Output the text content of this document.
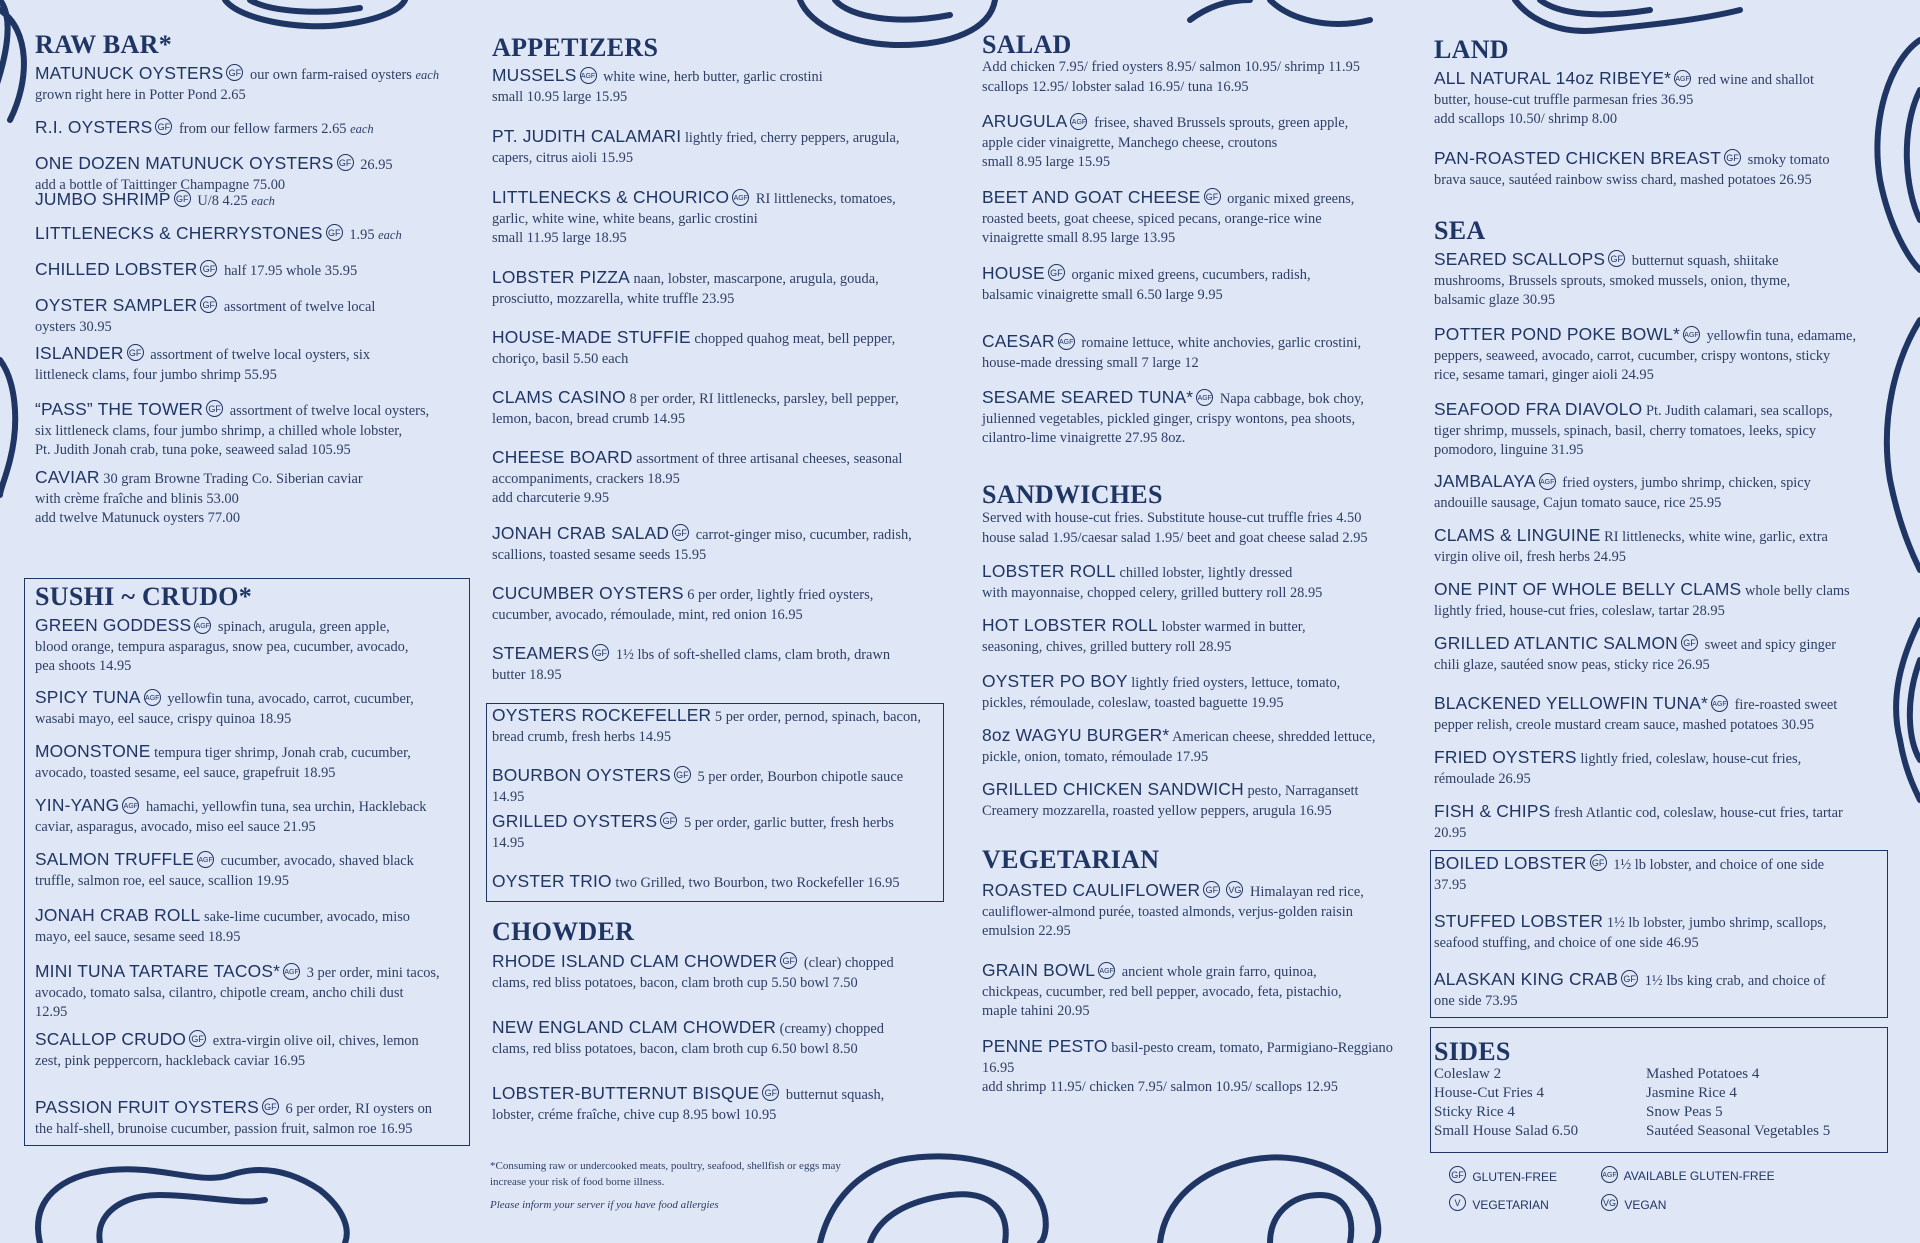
RAW BAR*
MATUNUCK OYSTERS GF our own farm-raised oysters each
grown right here in Potter Pond 2.65
R.I. OYSTERS GF from our fellow farmers 2.65 each
ONE DOZEN MATUNUCK OYSTERS GF 26.95
add a bottle of Taittinger Champagne 75.00
JUMBO SHRIMP GF U/8 4.25 each
LITTLENECKS & CHERRYSTONES GF 1.95 each
CHILLED LOBSTER GF half 17.95 whole 35.95
OYSTER SAMPLER GF assortment of twelve local
oysters 30.95
ISLANDER GF assortment of twelve local oysters, six
littleneck clams, four jumbo shrimp 55.95
“PASS” THE TOWER GF assortment of twelve local oysters,
six littleneck clams, four jumbo shrimp, a chilled whole lobster,
Pt. Judith Jonah crab, tuna poke, seaweed salad 105.95
CAVIAR 30 gram Browne Trading Co. Siberian caviar
with crème fraîche and blinis 53.00
add twelve Matunuck oysters 77.00
SUSHI ~ CRUDO*
GREEN GODDESS AGF spinach, arugula, green apple,
blood orange, tempura asparagus, snow pea, cucumber, avocado,
pea shoots 14.95
SPICY TUNA AGF yellowfin tuna, avocado, carrot, cucumber,
wasabi mayo, eel sauce, crispy quinoa 18.95
MOONSTONE tempura tiger shrimp, Jonah crab, cucumber,
avocado, toasted sesame, eel sauce, grapefruit 18.95
YIN-YANG AGF hamachi, yellowfin tuna, sea urchin, Hackleback
caviar, asparagus, avocado, miso eel sauce 21.95
SALMON TRUFFLE AGF cucumber, avocado, shaved black
truffle, salmon roe, eel sauce, scallion 19.95
JONAH CRAB ROLL sake-lime cucumber, avocado, miso
mayo, eel sauce, sesame seed 18.95
MINI TUNA TARTARE TACOS* AGF 3 per order, mini tacos,
avocado, tomato salsa, cilantro, chipotle cream, ancho chili dust
12.95
SCALLOP CRUDO GF extra-virgin olive oil, chives, lemon
zest, pink peppercorn, hackleback caviar 16.95
PASSION FRUIT OYSTERS GF 6 per order, RI oysters on
the half-shell, brunoise cucumber, passion fruit, salmon roe 16.95
APPETIZERS
MUSSELS AGF white wine, herb butter, garlic crostini
small 10.95 large 15.95
PT. JUDITH CALAMARI lightly fried, cherry peppers, arugula,
capers, citrus aioli 15.95
LITTLENECKS & CHOURICO AGF RI littlenecks, tomatoes,
garlic, white wine, white beans, garlic crostini
small 11.95 large 18.95
LOBSTER PIZZA naan, lobster, mascarpone, arugula, gouda,
prosciutto, mozzarella, white truffle 23.95
HOUSE-MADE STUFFIE chopped quahog meat, bell pepper,
choriço, basil 5.50 each
CLAMS CASINO 8 per order, RI littlenecks, parsley, bell pepper,
lemon, bacon, bread crumb 14.95
CHEESE BOARD assortment of three artisanal cheeses, seasonal
accompaniments, crackers 18.95
add charcuterie 9.95
JONAH CRAB SALAD GF carrot-ginger miso, cucumber, radish,
scallions, toasted sesame seeds 15.95
CUCUMBER OYSTERS 6 per order, lightly fried oysters,
cucumber, avocado, rémoulade, mint, red onion 16.95
STEAMERS GF 1½ lbs of soft-shelled clams, clam broth, drawn
butter 18.95
OYSTERS ROCKEFELLER 5 per order, pernod, spinach, bacon,
bread crumb, fresh herbs 14.95
BOURBON OYSTERS GF 5 per order, Bourbon chipotle sauce
14.95
GRILLED OYSTERS GF 5 per order, garlic butter, fresh herbs
14.95
OYSTER TRIO two Grilled, two Bourbon, two Rockefeller 16.95
CHOWDER
RHODE ISLAND CLAM CHOWDER GF (clear) chopped
clams, red bliss potatoes, bacon, clam broth cup 5.50 bowl 7.50
NEW ENGLAND CLAM CHOWDER (creamy) chopped
clams, red bliss potatoes, bacon, clam broth cup 6.50 bowl 8.50
LOBSTER-BUTTERNUT BISQUE GF butternut squash,
lobster, créme fraîche, chive cup 8.95 bowl 10.95
*Consuming raw or undercooked meats, poultry, seafood, shellfish or eggs may
increase your risk of food borne illness.
Please inform your server if you have food allergies
SALAD
Add chicken 7.95/ fried oysters 8.95/ salmon 10.95/ shrimp 11.95
scallops 12.95/ lobster salad 16.95/ tuna 16.95
ARUGULA AGF frisee, shaved Brussels sprouts, green apple,
apple cider vinaigrette, Manchego cheese, croutons
small 8.95 large 15.95
BEET AND GOAT CHEESE GF organic mixed greens,
roasted beets, goat cheese, spiced pecans, orange-rice wine
vinaigrette small 8.95 large 13.95
HOUSE GF organic mixed greens, cucumbers, radish,
balsamic vinaigrette small 6.50 large 9.95
CAESAR AGF romaine lettuce, white anchovies, garlic crostini,
house-made dressing small 7 large 12
SESAME SEARED TUNA* AGF Napa cabbage, bok choy,
julienned vegetables, pickled ginger, crispy wontons, pea shoots,
cilantro-lime vinaigrette 27.95 8oz.
SANDWICHES
Served with house-cut fries. Substitute house-cut truffle fries 4.50
house salad 1.95/caesar salad 1.95/ beet and goat cheese salad 2.95
LOBSTER ROLL chilled lobster, lightly dressed
with mayonnaise, chopped celery, grilled buttery roll 28.95
HOT LOBSTER ROLL lobster warmed in butter,
seasoning, chives, grilled buttery roll 28.95
OYSTER PO BOY lightly fried oysters, lettuce, tomato,
pickles, rémoulade, coleslaw, toasted baguette 19.95
8oz WAGYU BURGER* American cheese, shredded lettuce,
pickle, onion, tomato, rémoulade 17.95
GRILLED CHICKEN SANDWICH pesto, Narragansett
Creamery mozzarella, roasted yellow peppers, arugula 16.95
VEGETARIAN
ROASTED CAULIFLOWER GF VG Himalayan red rice,
cauliflower-almond purée, toasted almonds, verjus-golden raisin
emulsion 22.95
GRAIN BOWL AGF ancient whole grain farro, quinoa,
chickpeas, cucumber, red bell pepper, avocado, feta, pistachio,
maple tahini 20.95
PENNE PESTO basil-pesto cream, tomato, Parmigiano-Reggiano
16.95
add shrimp 11.95/ chicken 7.95/ salmon 10.95/ scallops 12.95
LAND
ALL NATURAL 14oz RIBEYE* AGF red wine and shallot
butter, house-cut truffle parmesan fries 36.95
add scallops 10.50/ shrimp 8.00
PAN-ROASTED CHICKEN BREAST GF smoky tomato
brava sauce, sautéed rainbow swiss chard, mashed potatoes 26.95
SEA
SEARED SCALLOPS GF butternut squash, shiitake
mushrooms, Brussels sprouts, smoked mussels, onion, thyme,
balsamic glaze 30.95
POTTER POND POKE BOWL* AGF yellowfin tuna, edamame,
peppers, seaweed, avocado, carrot, cucumber, crispy wontons, sticky
rice, sesame tamari, ginger aioli 24.95
SEAFOOD FRA DIAVOLO Pt. Judith calamari, sea scallops,
tiger shrimp, mussels, spinach, basil, cherry tomatoes, leeks, spicy
pomodoro, linguine 31.95
JAMBALAYA AGF fried oysters, jumbo shrimp, chicken, spicy
andouille sausage, Cajun tomato sauce, rice 25.95
CLAMS & LINGUINE RI littlenecks, white wine, garlic, extra
virgin olive oil, fresh herbs 24.95
ONE PINT OF WHOLE BELLY CLAMS whole belly clams
lightly fried, house-cut fries, coleslaw, tartar 28.95
GRILLED ATLANTIC SALMON GF sweet and spicy ginger
chili glaze, sautéed snow peas, sticky rice 26.95
BLACKENED YELLOWFIN TUNA* AGF fire-roasted sweet
pepper relish, creole mustard cream sauce, mashed potatoes 30.95
FRIED OYSTERS lightly fried, coleslaw, house-cut fries,
rémoulade 26.95
FISH & CHIPS fresh Atlantic cod, coleslaw, house-cut fries, tartar
20.95
BOILED LOBSTER GF 1½ lb lobster, and choice of one side
37.95
STUFFED LOBSTER 1½ lb lobster, jumbo shrimp, scallops,
seafood stuffing, and choice of one side 46.95
ALASKAN KING CRAB GF 1½ lbs king crab, and choice of
one side 73.95
SIDES
Coleslaw 2
House-Cut Fries 4
Sticky Rice 4
Small House Salad 6.50
Mashed Potatoes 4
Jasmine Rice 4
Snow Peas 5
Sautéed Seasonal Vegetables 5
GF GLUTEN-FREE	AGF AVAILABLE GLUTEN-FREE
V VEGETARIAN	VG VEGAN
